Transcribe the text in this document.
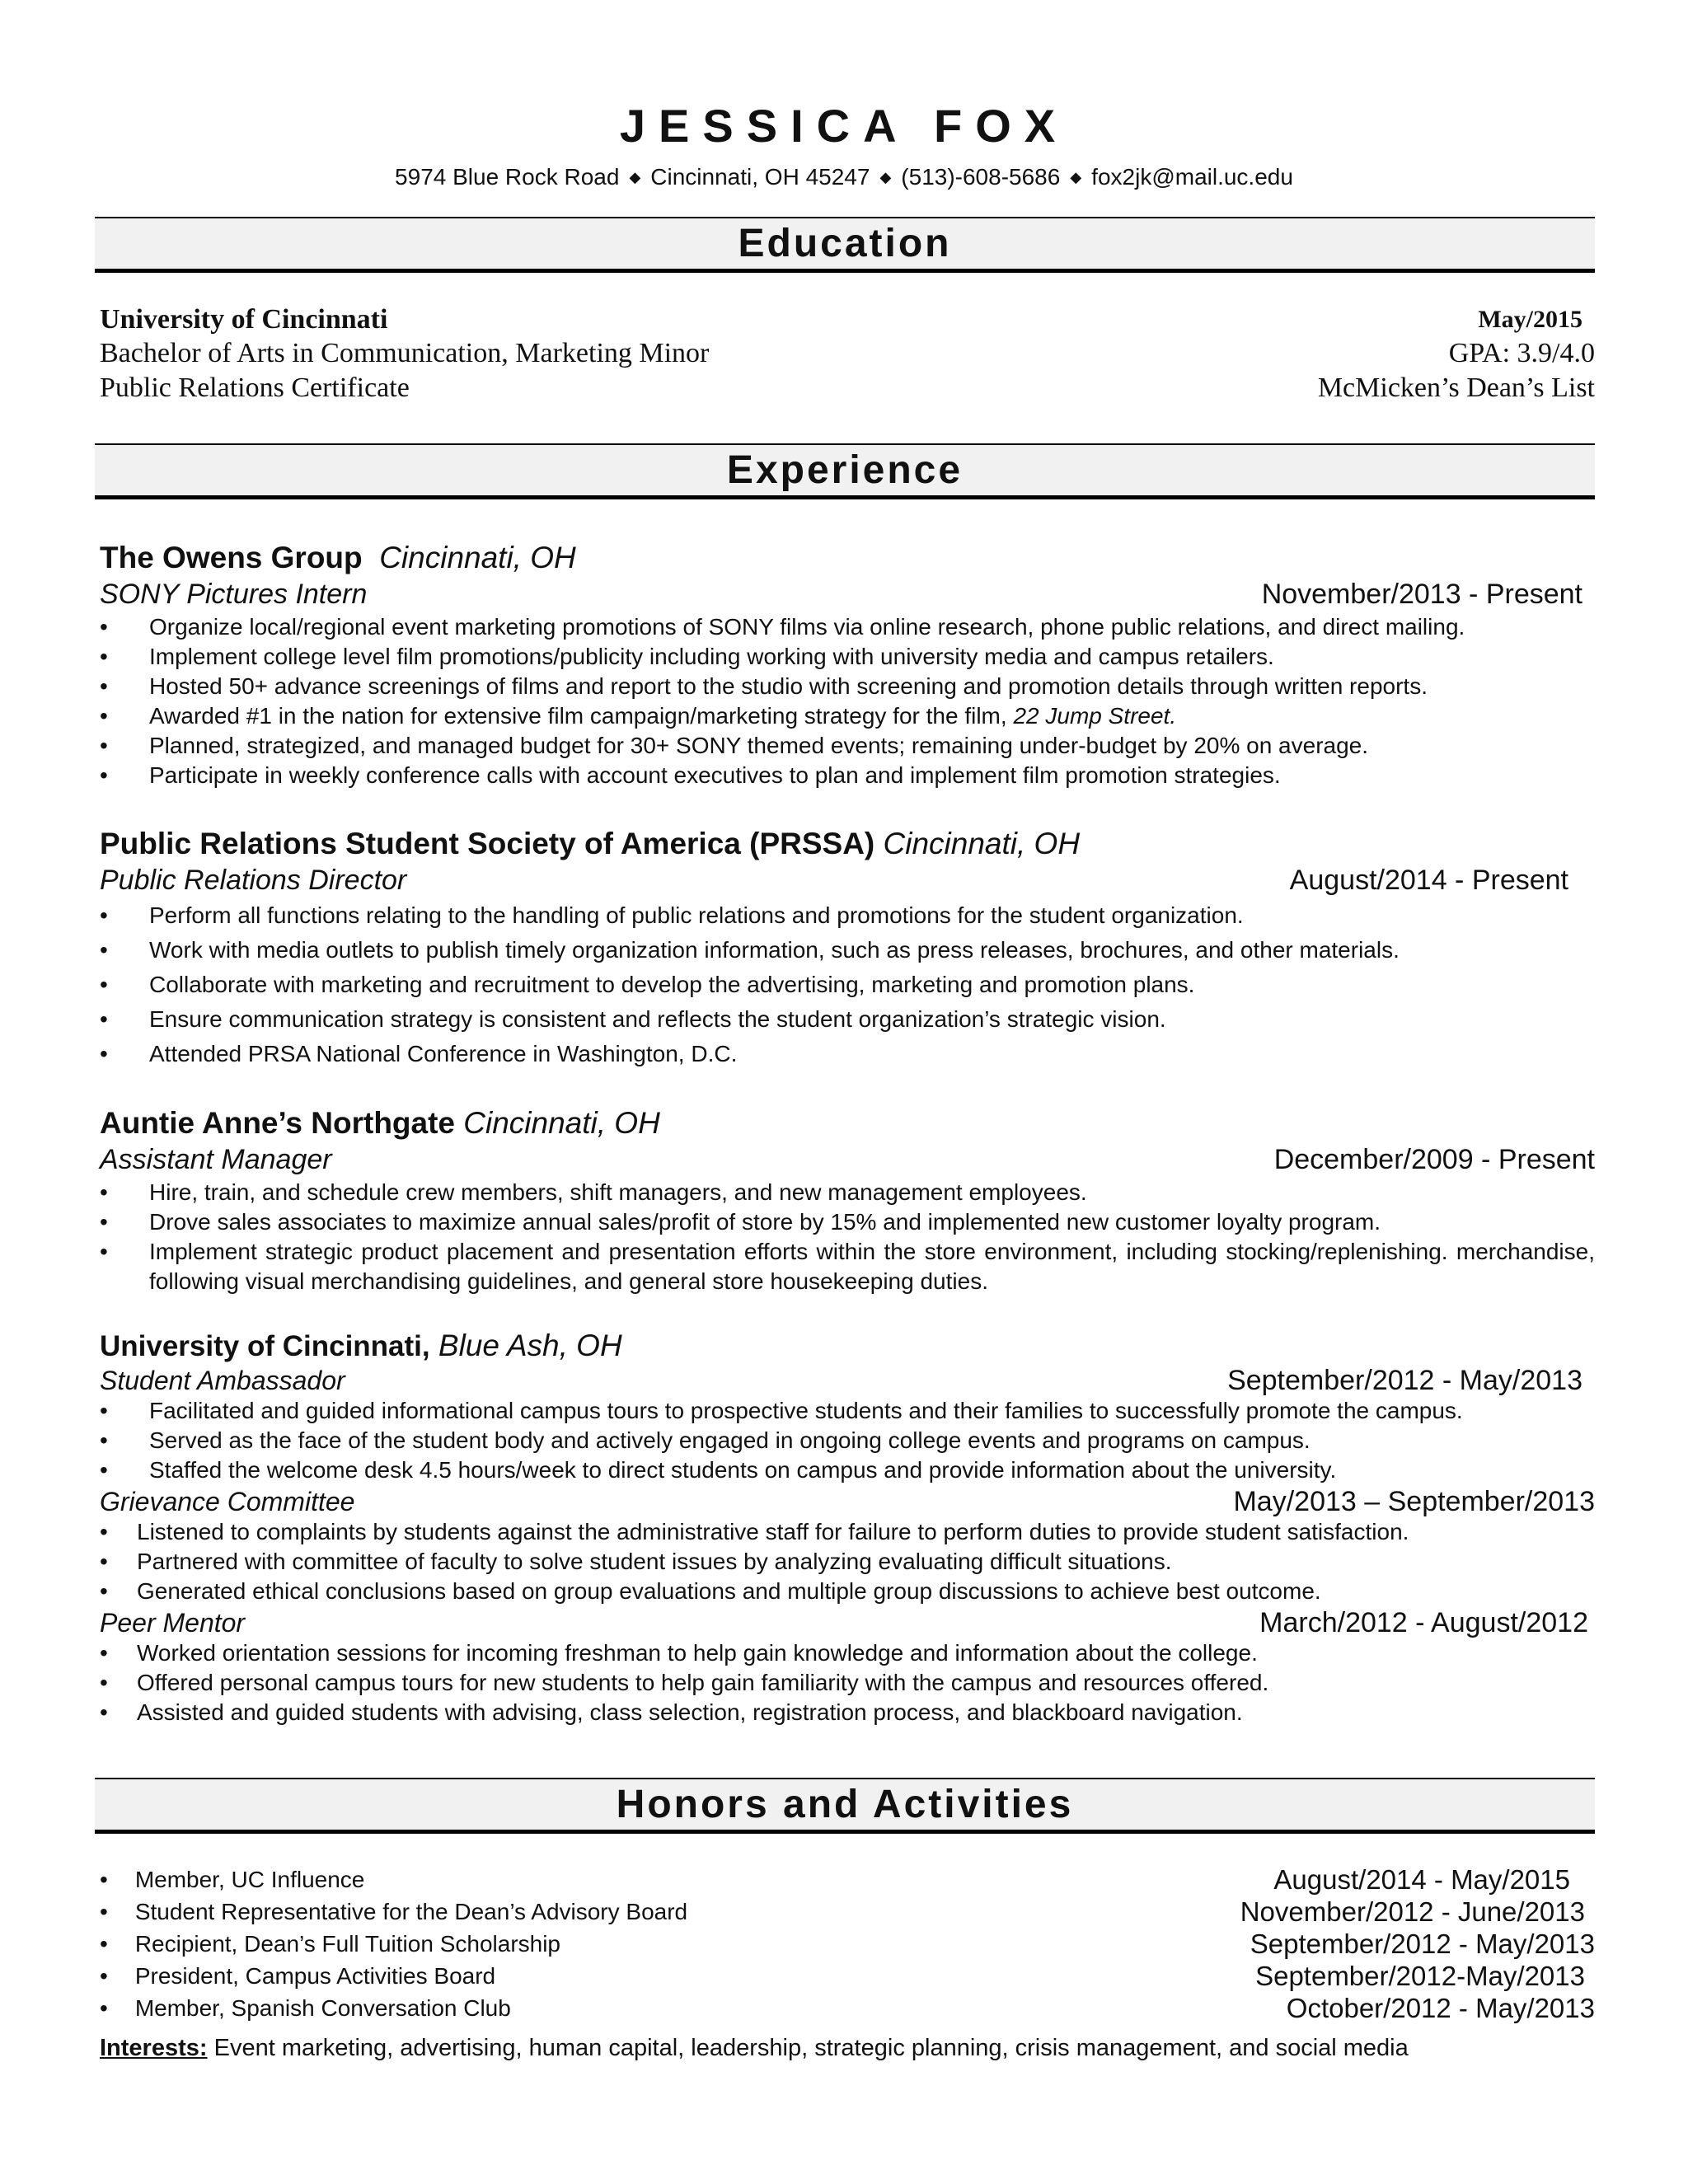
JESSICA FOX
5974 Blue Rock Road ◆ Cincinnati, OH 45247 ◆ (513)-608-5686 ◆ fox2jk@mail.uc.edu
Education
University of Cincinnati	May/2015
Bachelor of Arts in Communication, Marketing Minor	GPA: 3.9/4.0
Public Relations Certificate	McMicken’s Dean’s List
Experience
The Owens Group Cincinnati, OH
SONY Pictures Intern	November/2013 - Present
• Organize local/regional event marketing promotions of SONY films via online research, phone public relations, and direct mailing.
• Implement college level film promotions/publicity including working with university media and campus retailers.
• Hosted 50+ advance screenings of films and report to the studio with screening and promotion details through written reports.
• Awarded #1 in the nation for extensive film campaign/marketing strategy for the film, 22 Jump Street.
• Planned, strategized, and managed budget for 30+ SONY themed events; remaining under-budget by 20% on average.
• Participate in weekly conference calls with account executives to plan and implement film promotion strategies.
Public Relations Student Society of America (PRSSA) Cincinnati, OH
Public Relations Director	August/2014 - Present
• Perform all functions relating to the handling of public relations and promotions for the student organization.
• Work with media outlets to publish timely organization information, such as press releases, brochures, and other materials.
• Collaborate with marketing and recruitment to develop the advertising, marketing and promotion plans.
• Ensure communication strategy is consistent and reflects the student organization’s strategic vision.
• Attended PRSA National Conference in Washington, D.C.
Auntie Anne’s Northgate Cincinnati, OH
Assistant Manager	December/2009 - Present
• Hire, train, and schedule crew members, shift managers, and new management employees.
• Drove sales associates to maximize annual sales/profit of store by 15% and implemented new customer loyalty program.
• Implement strategic product placement and presentation efforts within the store environment, including stocking/replenishing. merchandise, following visual merchandising guidelines, and general store housekeeping duties.
University of Cincinnati, Blue Ash, OH
Student Ambassador	September/2012 - May/2013
• Facilitated and guided informational campus tours to prospective students and their families to successfully promote the campus.
• Served as the face of the student body and actively engaged in ongoing college events and programs on campus.
• Staffed the welcome desk 4.5 hours/week to direct students on campus and provide information about the university.
Grievance Committee	May/2013 – September/2013
• Listened to complaints by students against the administrative staff for failure to perform duties to provide student satisfaction.
• Partnered with committee of faculty to solve student issues by analyzing evaluating difficult situations.
• Generated ethical conclusions based on group evaluations and multiple group discussions to achieve best outcome.
Peer Mentor	March/2012 - August/2012
• Worked orientation sessions for incoming freshman to help gain knowledge and information about the college.
• Offered personal campus tours for new students to help gain familiarity with the campus and resources offered.
• Assisted and guided students with advising, class selection, registration process, and blackboard navigation.
Honors and Activities
• Member, UC Influence	August/2014 - May/2015
• Student Representative for the Dean’s Advisory Board	November/2012 - June/2013
• Recipient, Dean’s Full Tuition Scholarship	September/2012 - May/2013
• President, Campus Activities Board	September/2012-May/2013
• Member, Spanish Conversation Club	October/2012 - May/2013
Interests: Event marketing, advertising, human capital, leadership, strategic planning, crisis management, and social media
